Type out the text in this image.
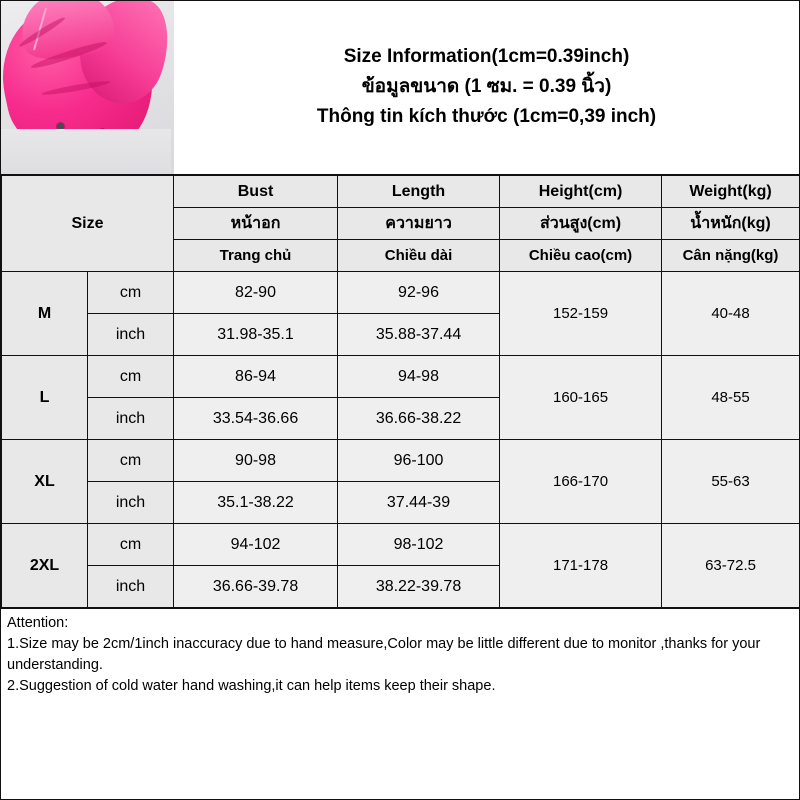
Size Information(1cm=0.39inch)
ข้อมูลขนาด (1 ซม. = 0.39 นิ้ว)
Thông tin kích thước (1cm=0,39 inch)
Size		Bust	Length	Height(cm)	Weight(kg)
		หน้าอก	ความยาว	ส่วนสูง(cm)	น้ำหนัก(kg)
		Trang chủ	Chiều dài	Chiều cao(cm)	Cân nặng(kg)
M	cm	82-90	92-96	152-159	40-48
	inch	31.98-35.1	35.88-37.44		
L	cm	86-94	94-98	160-165	48-55
	inch	33.54-36.66	36.66-38.22		
XL	cm	90-98	96-100	166-170	55-63
	inch	35.1-38.22	37.44-39		
2XL	cm	94-102	98-102	171-178	63-72.5
	inch	36.66-39.78	38.22-39.78		
Attention:
1.Size may be 2cm/1inch inaccuracy due to hand measure,Color may be little different due to monitor ,thanks for your understanding.
2.Suggestion of cold water hand washing,it can help items keep their shape.
